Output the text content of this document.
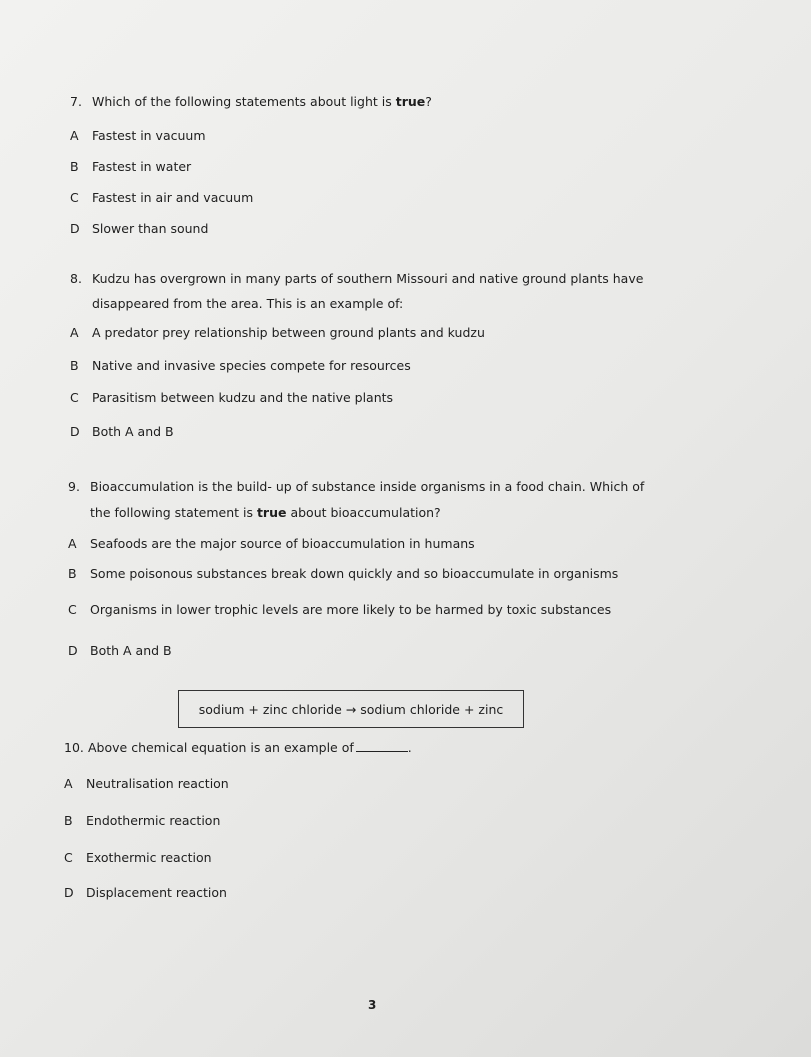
7. Which of the following statements about light is true?
A Fastest in vacuum
B Fastest in water
C Fastest in air and vacuum
D Slower than sound
8. Kudzu has overgrown in many parts of southern Missouri and native ground plants have
disappeared from the area. This is an example of:
A A predator prey relationship between ground plants and kudzu
B Native and invasive species compete for resources
C Parasitism between kudzu and the native plants
D Both A and B
9. Bioaccumulation is the build- up of substance inside organisms in a food chain. Which of
the following statement is true about bioaccumulation?
A Seafoods are the major source of bioaccumulation in humans
B Some poisonous substances break down quickly and so bioaccumulate in organisms
C Organisms in lower trophic levels are more likely to be harmed by toxic substances
D Both A and B
sodium + zinc chloride → sodium chloride + zinc
10. Above chemical equation is an example of	.
A Neutralisation reaction
B Endothermic reaction
C Exothermic reaction
D Displacement reaction
3
